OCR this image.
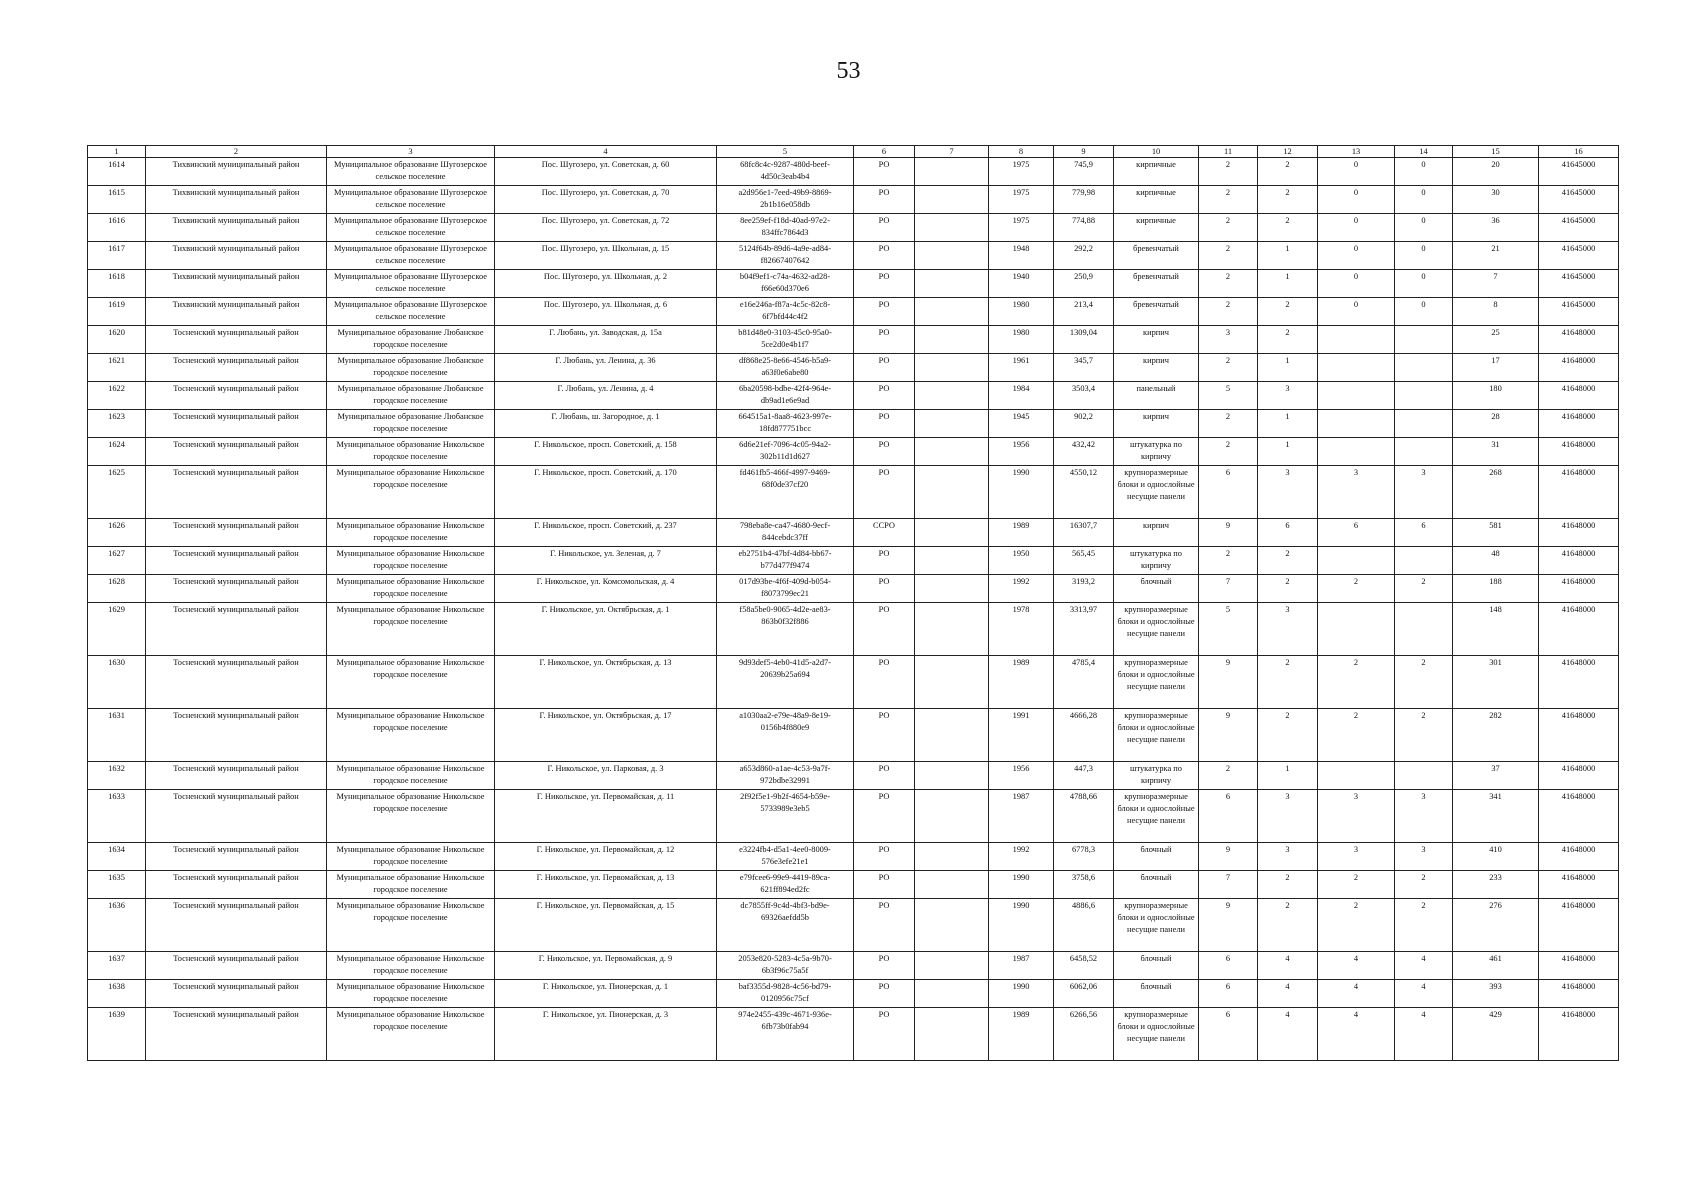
53
1	2	3	4	5	6	7	8	9	10	11	12	13	14	15	16
1614	Тихвинский муниципальный район	Муниципальное образование Шугозерское сельское поселение	Пос. Шугозеро, ул. Советская, д. 60	68fc8c4c-9287-480d-beef-4d50c3eab4b4	РО		1975	745,9	кирпичные	2	2	0	0	20	41645000
1615	Тихвинский муниципальный район	Муниципальное образование Шугозерское сельское поселение	Пос. Шугозеро, ул. Советская, д. 70	a2d956e1-7eed-49b9-8869-2b1b16e058db	РО		1975	779,98	кирпичные	2	2	0	0	30	41645000
1616	Тихвинский муниципальный район	Муниципальное образование Шугозерское сельское поселение	Пос. Шугозеро, ул. Советская, д. 72	8ee259ef-f18d-40ad-97e2-834ffc7864d3	РО		1975	774,88	кирпичные	2	2	0	0	36	41645000
1617	Тихвинский муниципальный район	Муниципальное образование Шугозерское сельское поселение	Пос. Шугозеро, ул. Школьная, д. 15	5124f64b-89d6-4a9e-ad84-f82667407642	РО		1948	292,2	бревенчатый	2	1	0	0	21	41645000
1618	Тихвинский муниципальный район	Муниципальное образование Шугозерское сельское поселение	Пос. Шугозеро, ул. Школьная, д. 2	b04f9ef1-c74a-4632-ad28-f66e60d370e6	РО		1940	250,9	бревенчатый	2	1	0	0	7	41645000
1619	Тихвинский муниципальный район	Муниципальное образование Шугозерское сельское поселение	Пос. Шугозеро, ул. Школьная, д. 6	e16e246a-f87a-4c5c-82c8-6f7bfd44c4f2	РО		1980	213,4	бревенчатый	2	2	0	0	8	41645000
1620	Тосненский муниципальный район	Муниципальное образование Любанское городское поселение	Г. Любань, ул. Заводская, д. 15а	b81d48e0-3103-45c0-95a0-5ce2d0e4b1f7	РО		1980	1309,04	кирпич	3	2			25	41648000
1621	Тосненский муниципальный район	Муниципальное образование Любанское городское поселение	Г. Любань, ул. Ленина, д. 36	df868e25-8e66-4546-b5a9-a63f0e6abe80	РО		1961	345,7	кирпич	2	1			17	41648000
1622	Тосненский муниципальный район	Муниципальное образование Любанское городское поселение	Г. Любань, ул. Ленина, д. 4	6ba20598-bdbe-42f4-964e-db9ad1e6e9ad	РО		1984	3503,4	панельный	5	3			180	41648000
1623	Тосненский муниципальный район	Муниципальное образование Любанское городское поселение	Г. Любань, ш. Загородное, д. 1	664515a1-8aa8-4623-997e-18fd877751bcc	РО		1945	902,2	кирпич	2	1			28	41648000
1624	Тосненский муниципальный район	Муниципальное образование Никольское городское поселение	Г. Никольское, просп. Советский, д. 158	6d6e21ef-7096-4c05-94a2-302b11d1d627	РО		1956	432,42	штукатурка по кирпичу	2	1			31	41648000
1625	Тосненский муниципальный район	Муниципальное образование Никольское городское поселение	Г. Никольское, просп. Советский, д. 170	fd461fb5-466f-4997-9469-68f0de37cf20	РО		1990	4550,12	крупноразмерные блоки и однослойные несущие панели	6	3	3	3	268	41648000
1626	Тосненский муниципальный район	Муниципальное образование Никольское городское поселение	Г. Никольское, просп. Советский, д. 237	798eba8e-ca47-4680-9ecf-844cebdc37ff	СCРО		1989	16307,7	кирпич	9	6	6	6	581	41648000
1627	Тосненский муниципальный район	Муниципальное образование Никольское городское поселение	Г. Никольское, ул. Зеленая, д. 7	eb2751b4-47bf-4d84-bb67-b77d477f9474	РО		1950	565,45	штукатурка по кирпичу	2	2			48	41648000
1628	Тосненский муниципальный район	Муниципальное образование Никольское городское поселение	Г. Никольское, ул. Комсомольская, д. 4	017d93be-4f6f-409d-b054-f8073799ec21	РО		1992	3193,2	блочный	7	2	2	2	188	41648000
1629	Тосненский муниципальный район	Муниципальное образование Никольское городское поселение	Г. Никольское, ул. Октябрьская, д. 1	f58a5be0-9065-4d2e-ae83-863b0f32f886	РО		1978	3313,97	крупноразмерные блоки и однослойные несущие панели	5	3			148	41648000
1630	Тосненский муниципальный район	Муниципальное образование Никольское городское поселение	Г. Никольское, ул. Октябрьская, д. 13	9d93def5-4eb0-41d5-a2d7-20639b25a694	РО		1989	4785,4	крупноразмерные блоки и однослойные несущие панели	9	2	2	2	301	41648000
1631	Тосненский муниципальный район	Муниципальное образование Никольское городское поселение	Г. Никольское, ул. Октябрьская, д. 17	a1030aa2-e79e-48a9-8e19-0156b4f880e9	РО		1991	4666,28	крупноразмерные блоки и однослойные несущие панели	9	2	2	2	282	41648000
1632	Тосненский муниципальный район	Муниципальное образование Никольское городское поселение	Г. Никольское, ул. Парковая, д. 3	a653d860-a1ae-4c53-9a7f-972bdbe32991	РО		1956	447,3	штукатурка по кирпичу	2	1			37	41648000
1633	Тосненский муниципальный район	Муниципальное образование Никольское городское поселение	Г. Никольское, ул. Первомайская, д. 11	2f92f5e1-9b2f-4654-b59e-5733989e3eb5	РО		1987	4788,66	крупноразмерные блоки и однослойные несущие панели	6	3	3	3	341	41648000
1634	Тосненский муниципальный район	Муниципальное образование Никольское городское поселение	Г. Никольское, ул. Первомайская, д. 12	e3224fb4-d5a1-4ee0-8009-576e3efe21e1	РО		1992	6778,3	блочный	9	3	3	3	410	41648000
1635	Тосненский муниципальный район	Муниципальное образование Никольское городское поселение	Г. Никольское, ул. Первомайская, д. 13	e79fcee6-99e9-4419-89ca-621ff894ed2fc	РО		1990	3758,6	блочный	7	2	2	2	233	41648000
1636	Тосненский муниципальный район	Муниципальное образование Никольское городское поселение	Г. Никольское, ул. Первомайская, д. 15	dc7855ff-9c4d-4bf3-bd9e-69326aefdd5b	РО		1990	4886,6	крупноразмерные блоки и однослойные несущие панели	9	2	2	2	276	41648000
1637	Тосненский муниципальный район	Муниципальное образование Никольское городское поселение	Г. Никольское, ул. Первомайская, д. 9	2053e820-5283-4c5a-9b70-6b3f96c75a5f	РО		1987	6458,52	блочный	6	4	4	4	461	41648000
1638	Тосненский муниципальный район	Муниципальное образование Никольское городское поселение	Г. Никольское, ул. Пионерская, д. 1	baf3355d-9828-4c56-bd79-0120956c75cf	РО		1990	6062,06	блочный	6	4	4	4	393	41648000
1639	Тосненский муниципальный район	Муниципальное образование Никольское городское поселение	Г. Никольское, ул. Пионерская, д. 3	974e2455-439c-4671-936e-6fb73b0fab94	РО		1989	6266,56	крупноразмерные блоки и однослойные несущие панели	6	4	4	4	429	41648000
